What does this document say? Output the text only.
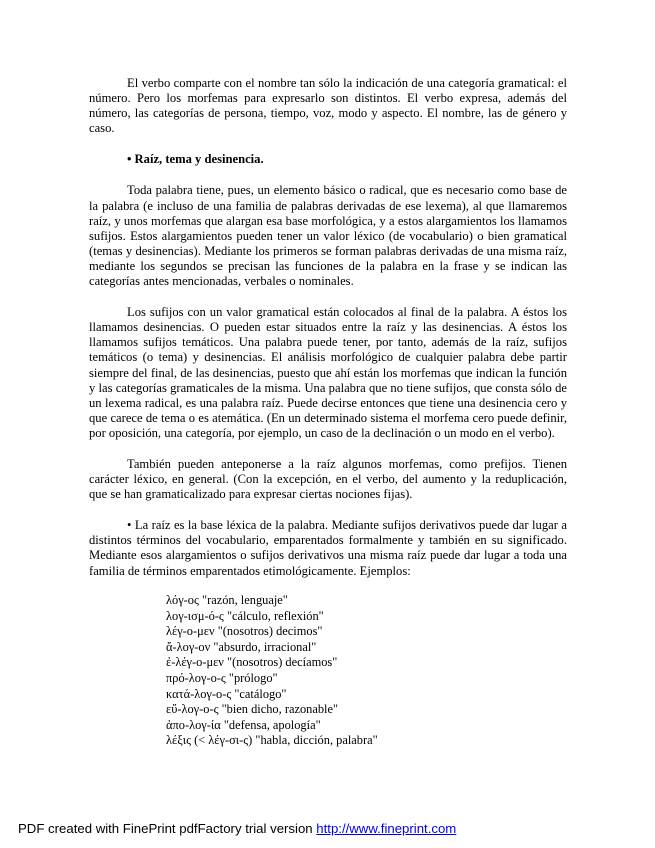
El verbo comparte con el nombre tan sólo la indicación de una categoría gramatical: el número. Pero los morfemas para expresarlo son distintos. El verbo expresa, además del número, las categorías de persona, tiempo, voz, modo y aspecto. El nombre, las de género y caso.

• Raíz, tema y desinencia.

Toda palabra tiene, pues, un elemento básico o radical, que es necesario como base de la palabra (e incluso de una familia de palabras derivadas de ese lexema), al que llamaremos raíz, y unos morfemas que alargan esa base morfológica, y a estos alargamientos los llamamos sufijos. Estos alargamientos pueden tener un valor léxico (de vocabulario) o bien gramatical (temas y desinencias). Mediante los primeros se forman palabras derivadas de una misma raíz, mediante los segundos se precisan las funciones de la palabra en la frase y se indican las categorías antes mencionadas, verbales o nominales.

Los sufijos con un valor gramatical están colocados al final de la palabra. A éstos los llamamos desinencias. O pueden estar situados entre la raíz y las desinencias. A éstos los llamamos sufijos temáticos. Una palabra puede tener, por tanto, además de la raíz, sufijos temáticos (o tema) y desinencias. El análisis morfológico de cualquier palabra debe partir siempre del final, de las desinencias, puesto que ahí están los morfemas que indican la función y las categorías gramaticales de la misma. Una palabra que no tiene sufijos, que consta sólo de un lexema radical, es una palabra raíz. Puede decirse entonces que tiene una desinencia cero y que carece de tema o es atemática. (En un determinado sistema el morfema cero puede definir, por oposición, una categoría, por ejemplo, un caso de la declinación o un modo en el verbo).

También pueden anteponerse a la raíz algunos morfemas, como prefijos. Tienen carácter léxico, en general. (Con la excepción, en el verbo, del aumento y la reduplicación, que se han gramaticalizado para expresar ciertas nociones fijas).

• La raíz es la base léxica de la palabra. Mediante sufijos derivativos puede dar lugar a distintos términos del vocabulario, emparentados formalmente y también en su significado. Mediante esos alargamientos o sufijos derivativos una misma raíz puede dar lugar a toda una familia de términos emparentados etimológicamente. Ejemplos:

λόγ-ος "razón, lenguaje"
λογ-ισμ-ό-ς "cálculo, reflexión"
λέγ-ο-μεν "(nosotros) decimos"
ἄ-λογ-ον "absurdo, irracional"
ἐ-λέγ-ο-μεν "(nosotros) decíamos"
πρό-λογ-ο-ς "prólogo"
κατά-λογ-ο-ς "catálogo"
εὔ-λογ-ο-ς "bien dicho, razonable"
ἀπο-λογ-ία "defensa, apología"
λέξις (< λέγ-σι-ς) "habla, dicción, palabra"
PDF created with FinePrint pdfFactory trial version http://www.fineprint.com
